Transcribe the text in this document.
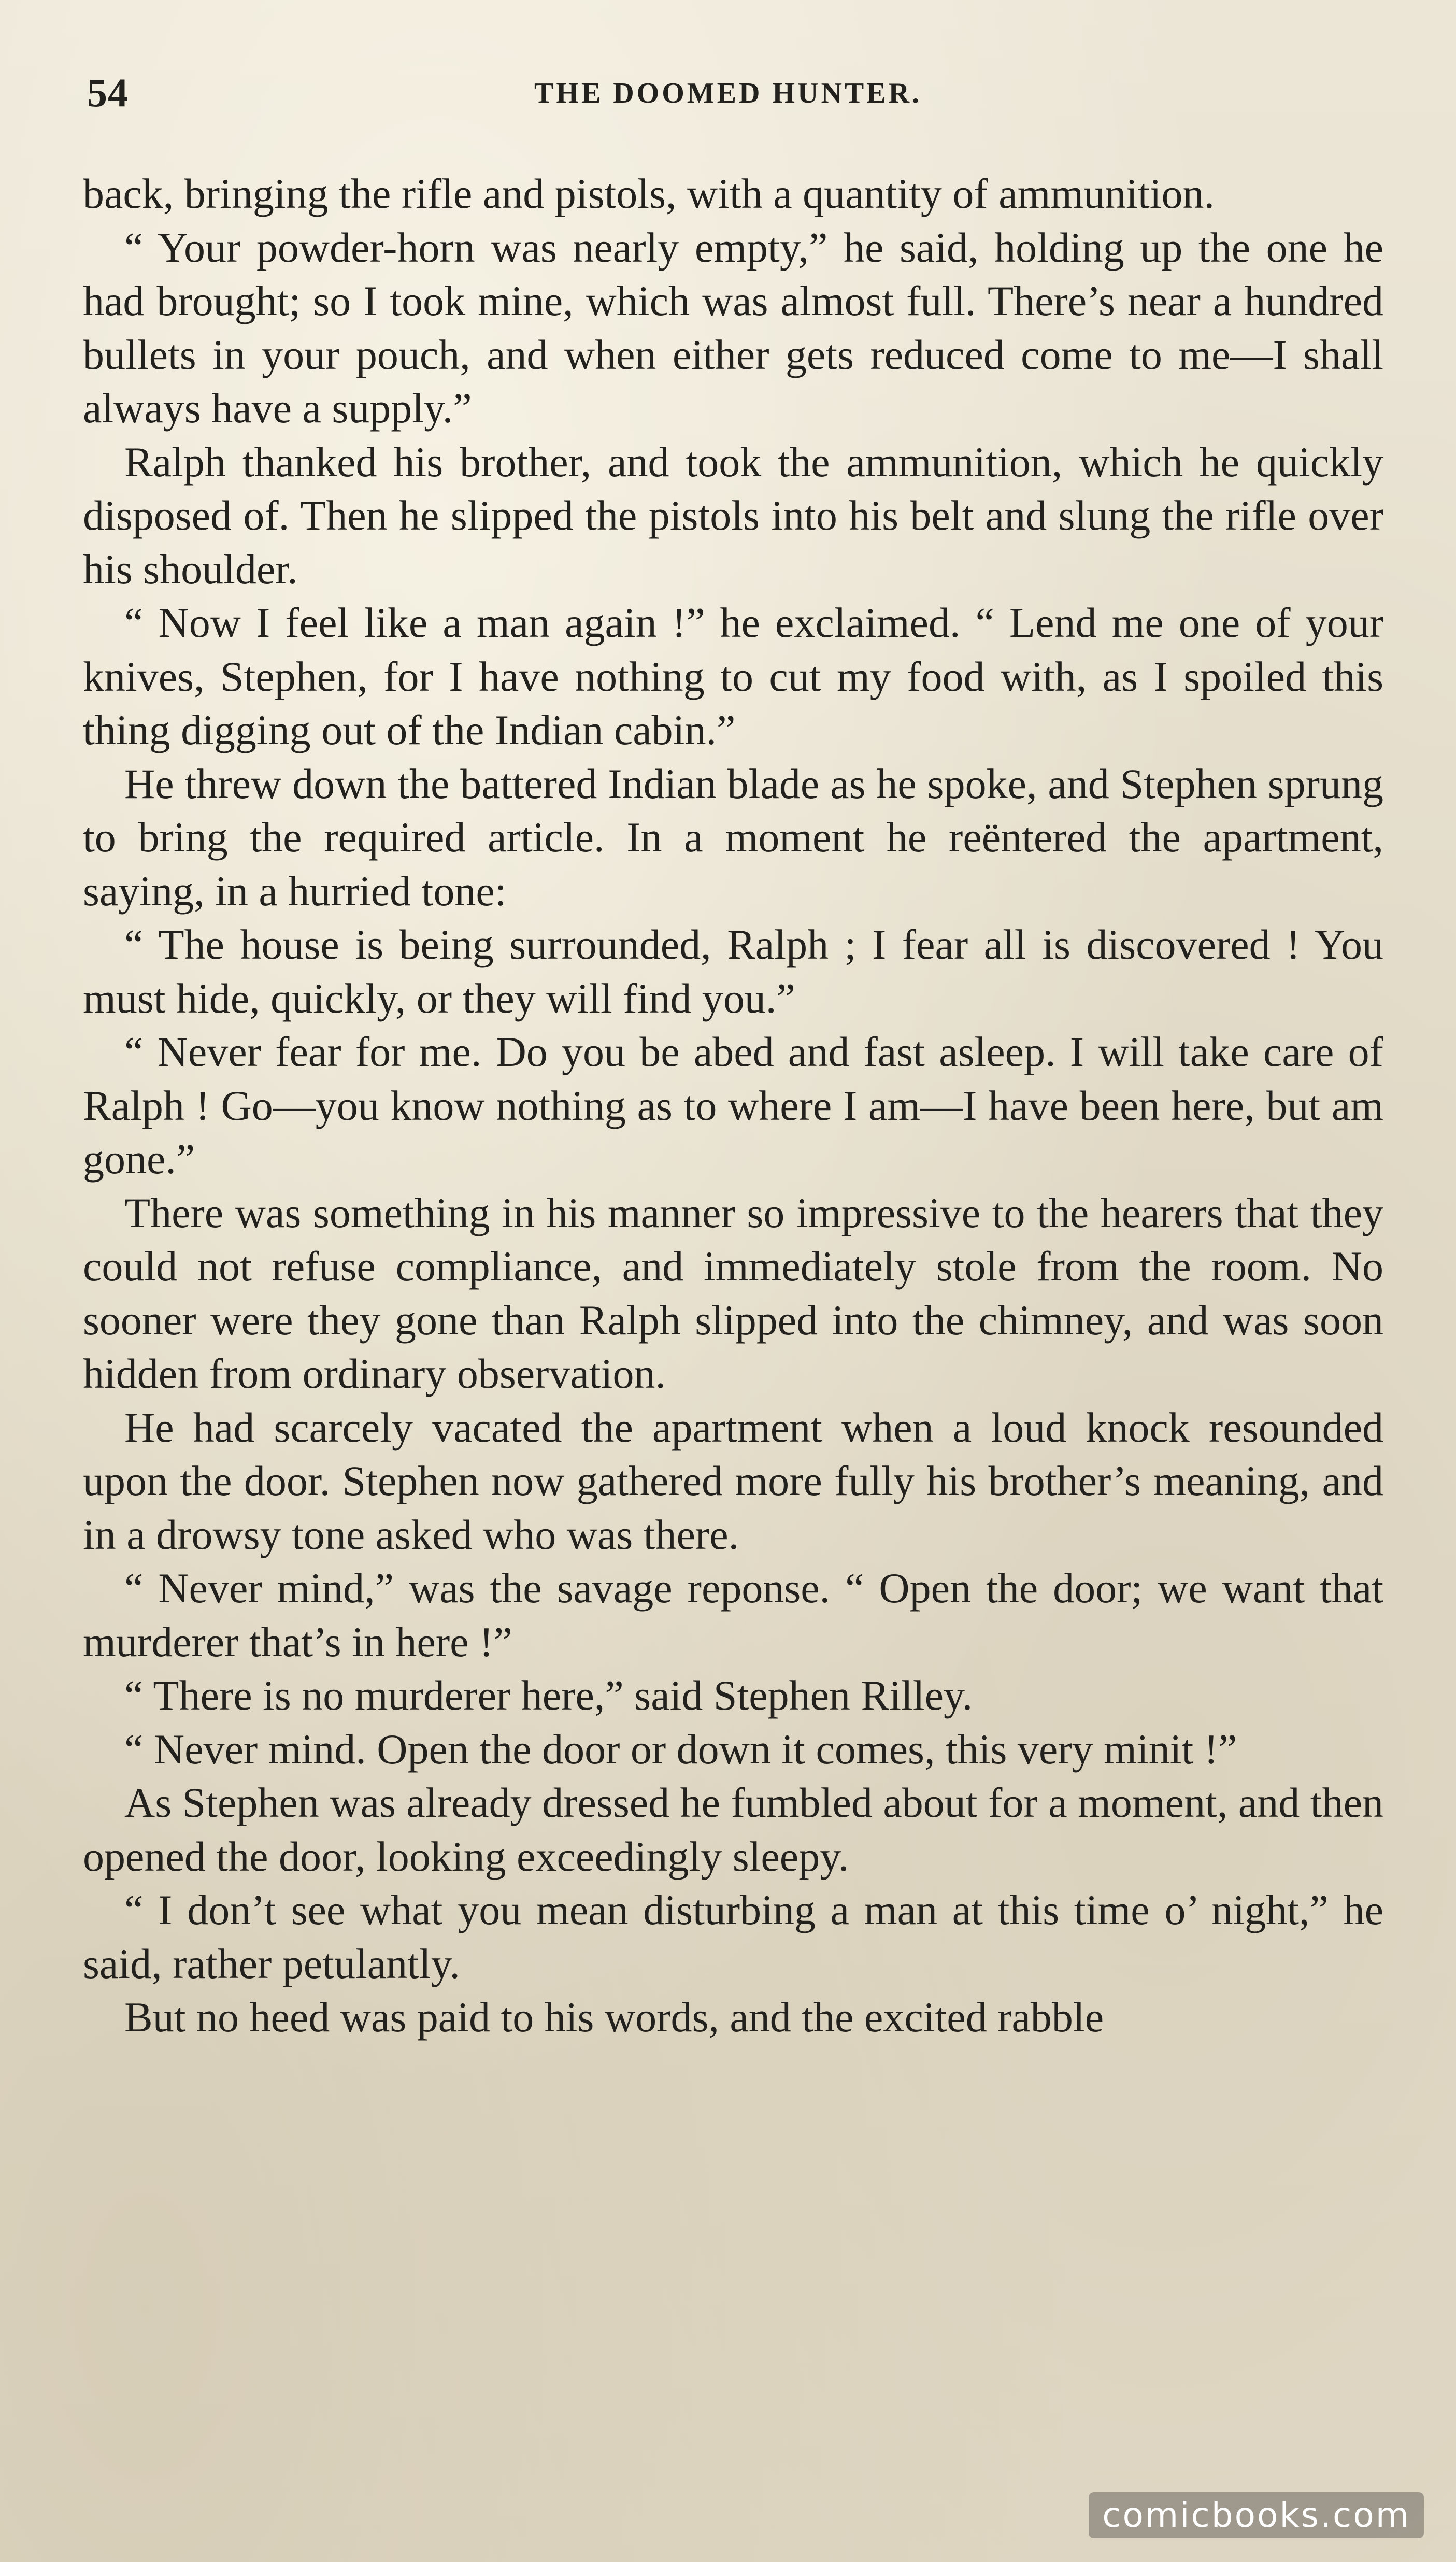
54	THE DOOMED HUNTER.

back, bringing the rifle and pistols, with a quantity of ammunition.

“ Your powder-horn was nearly empty,” he said, holding up the one he had brought; so I took mine, which was almost full. There’s near a hundred bullets in your pouch, and when either gets reduced come to me—I shall always have a supply.”

Ralph thanked his brother, and took the ammunition, which he quickly disposed of. Then he slipped the pistols into his belt and slung the rifle over his shoulder.

“ Now I feel like a man again !” he exclaimed. “ Lend me one of your knives, Stephen, for I have nothing to cut my food with, as I spoiled this thing digging out of the Indian cabin.”

He threw down the battered Indian blade as he spoke, and Stephen sprung to bring the required article. In a moment he reëntered the apartment, saying, in a hurried tone:

“ The house is being surrounded, Ralph ; I fear all is discovered ! You must hide, quickly, or they will find you.”

“ Never fear for me. Do you be abed and fast asleep. I will take care of Ralph ! Go—you know nothing as to where I am—I have been here, but am gone.”

There was something in his manner so impressive to the hearers that they could not refuse compliance, and immediately stole from the room. No sooner were they gone than Ralph slipped into the chimney, and was soon hidden from ordinary observation.

He had scarcely vacated the apartment when a loud knock resounded upon the door. Stephen now gathered more fully his brother’s meaning, and in a drowsy tone asked who was there.

“ Never mind,” was the savage reponse. “ Open the door; we want that murderer that’s in here !”

“ There is no murderer here,” said Stephen Rilley.

“ Never mind. Open the door or down it comes, this very minit !”

As Stephen was already dressed he fumbled about for a moment, and then opened the door, looking exceedingly sleepy.

“ I don’t see what you mean disturbing a man at this time o’ night,” he said, rather petulantly.

But no heed was paid to his words, and the excited rabble

comicbooks.com
